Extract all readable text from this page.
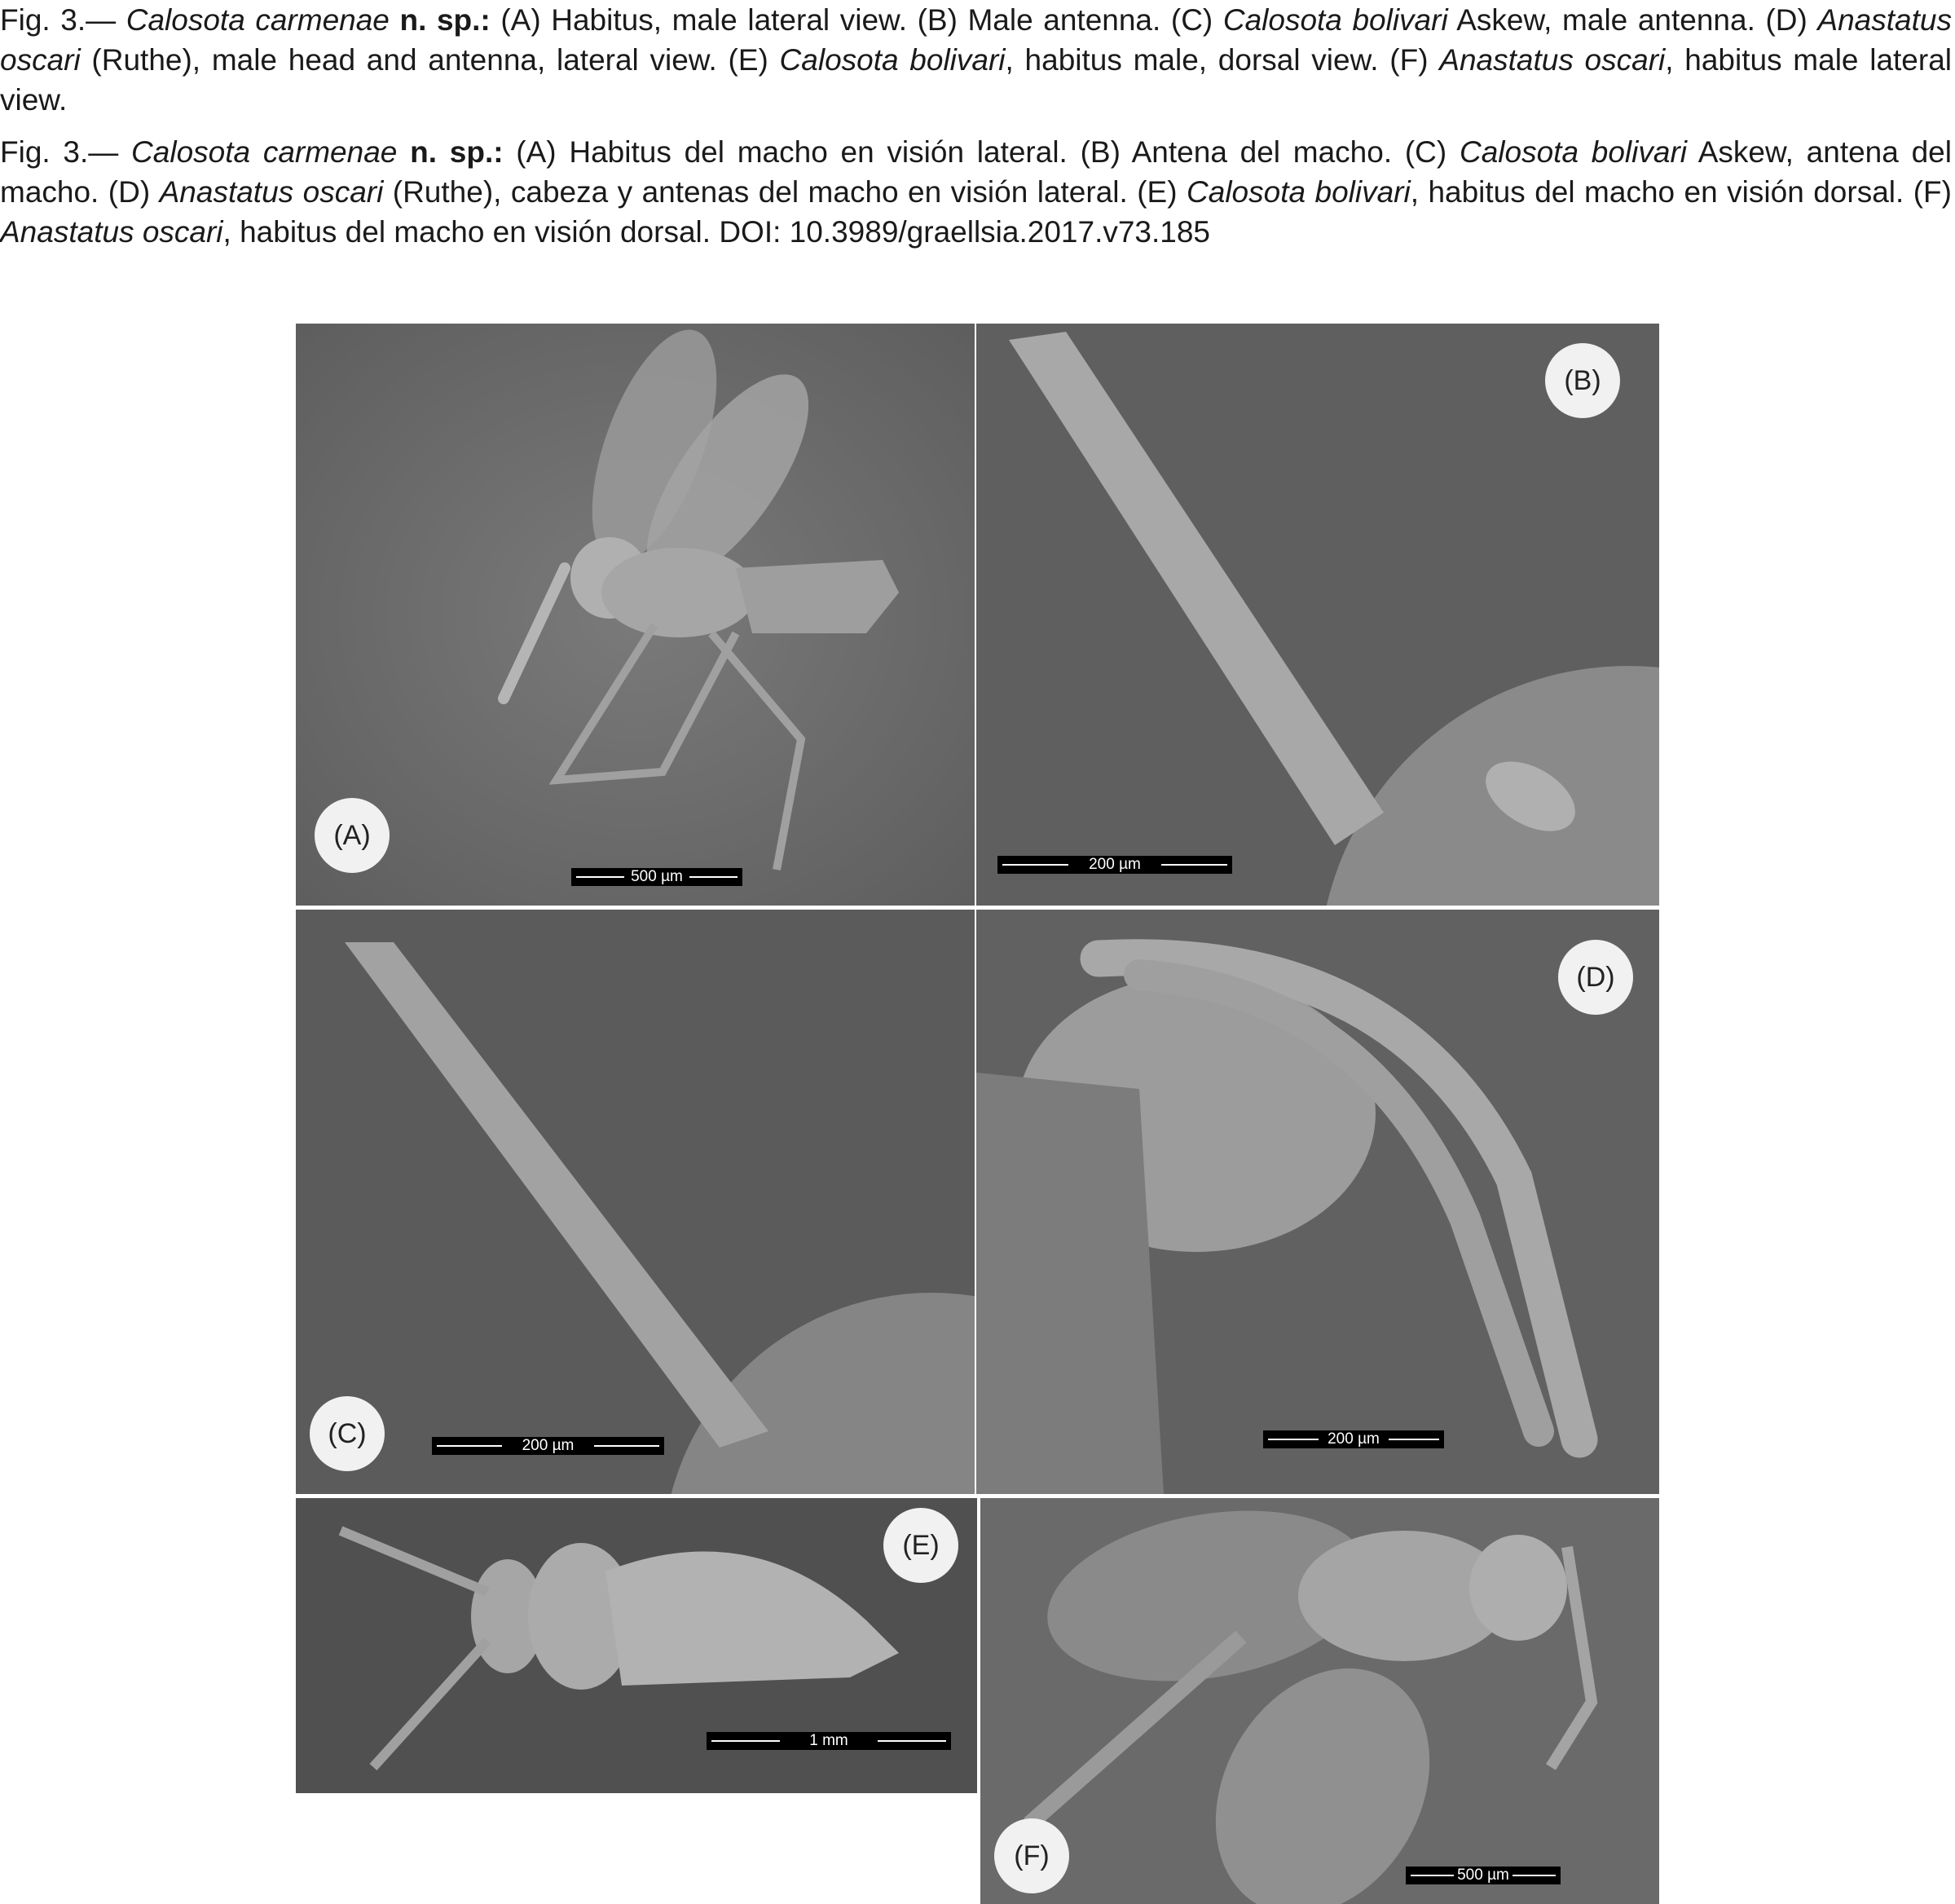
Fig. 3.— Calosota carmenae n. sp.: (A) Habitus, male lateral view. (B) Male antenna. (C) Calosota bolivari Askew, male antenna. (D) Anastatus oscari (Ruthe), male head and antenna, lateral view. (E) Calosota bolivari, habitus male, dorsal view. (F) Anastatus oscari, habitus male lateral view.

Fig. 3.— Calosota carmenae n. sp.: (A) Habitus del macho en visión lateral. (B) Antena del macho. (C) Calosota bolivari Askew, antena del macho. (D) Anastatus oscari (Ruthe), cabeza y antenas del macho en visión lateral. (E) Calosota bolivari, habitus del macho en visión dorsal. (F) Anastatus oscari, habitus del macho en visión dorsal. DOI: 10.3989/graellsia.2017.v73.185

(A)
500 µm
(B)
200 µm
(C)	200 µm
(D)
200 µm
(E)
1 mm
(F)
500 µm
